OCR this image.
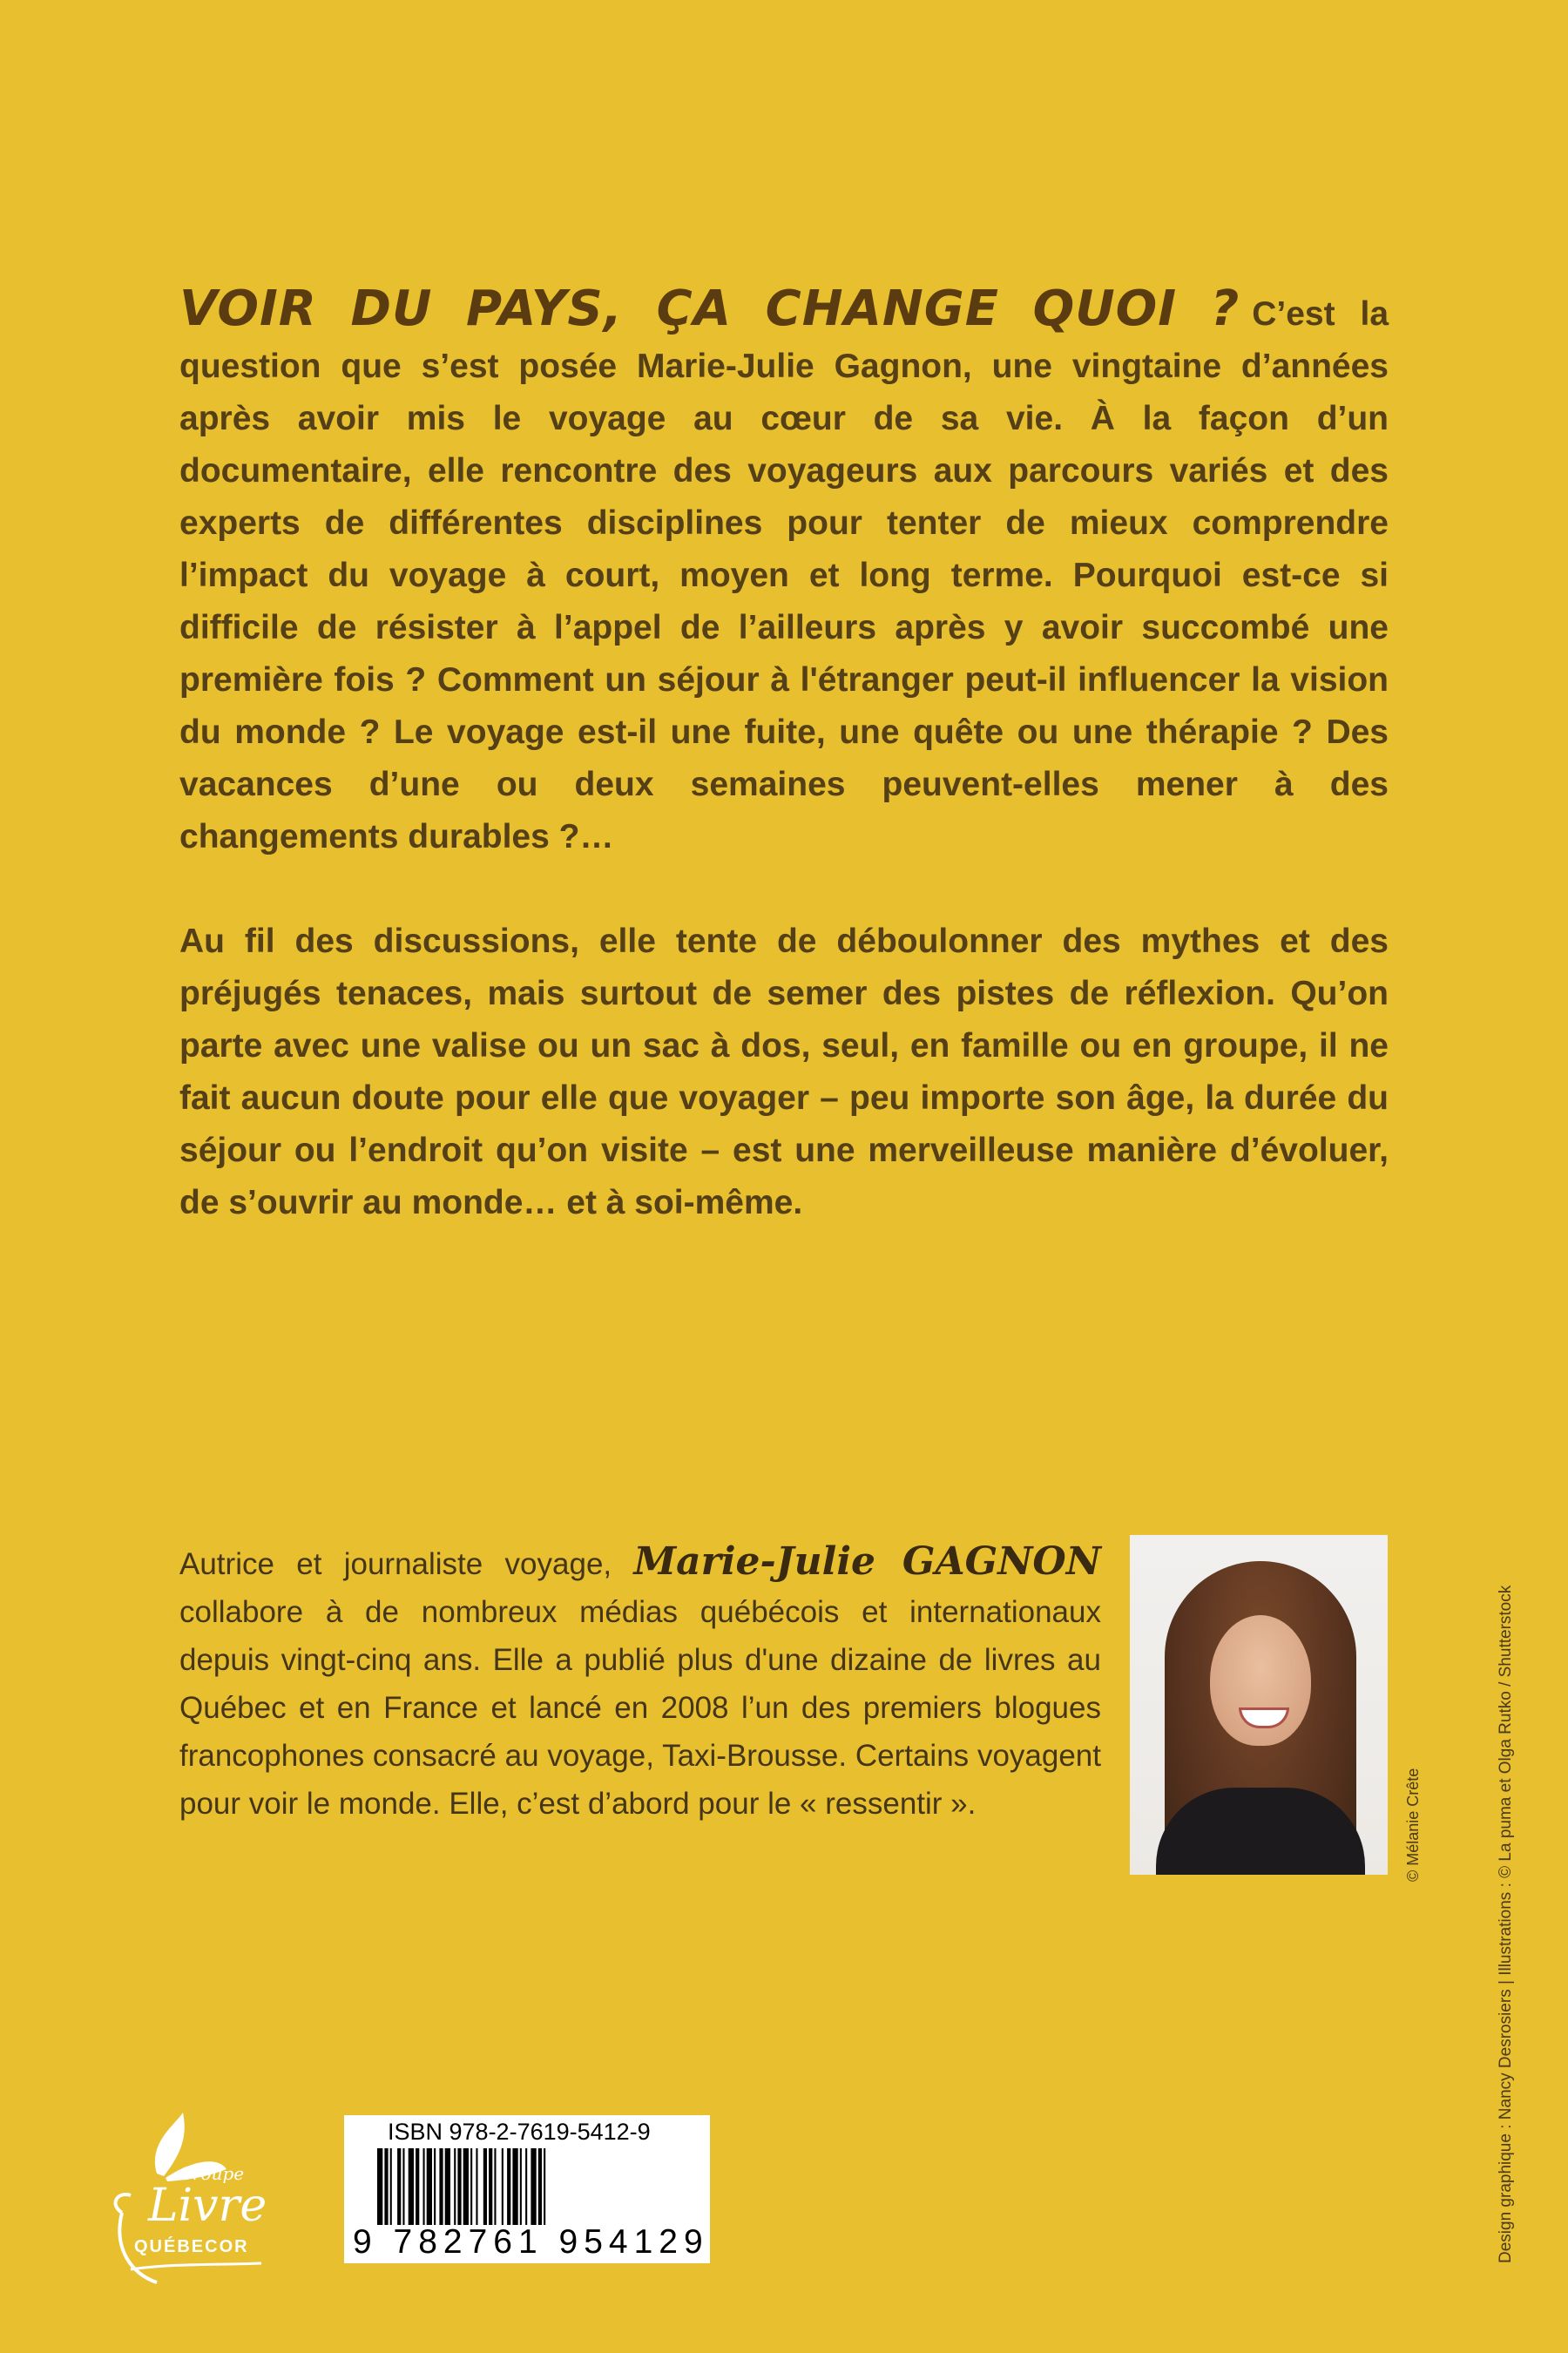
VOIR DU PAYS, ÇA CHANGE QUOI ? C’est la question que s’est posée Marie-Julie Gagnon, une vingtaine d’années après avoir mis le voyage au cœur de sa vie. À la façon d’un documentaire, elle rencontre des voyageurs aux parcours variés et des experts de différentes disciplines pour tenter de mieux comprendre l’impact du voyage à court, moyen et long terme. Pourquoi est-ce si difficile de résister à l’appel de l’ailleurs après y avoir succombé une première fois ? Comment un séjour à l'étranger peut-il influencer la vision du monde ? Le voyage est-il une fuite, une quête ou une thérapie ? Des vacances d’une ou deux semaines peuvent-elles mener à des changements durables ?…

Au fil des discussions, elle tente de déboulonner des mythes et des préjugés tenaces, mais surtout de semer des pistes de réflexion. Qu’on parte avec une valise ou un sac à dos, seul, en famille ou en groupe, il ne fait aucun doute pour elle que voyager – peu importe son âge, la durée du séjour ou l’endroit qu’on visite – est une merveilleuse manière d’évoluer, de s’ouvrir au monde… et à soi-même.

Autrice et journaliste voyage, Marie-Julie GAGNON collabore à de nombreux médias québécois et internationaux depuis vingt-cinq ans. Elle a publié plus d'une dizaine de livres au Québec et en France et lancé en 2008 l’un des premiers blogues francophones consacré au voyage, Taxi-Brousse. Certains voyagent pour voir le monde. Elle, c’est d’abord pour le « ressentir ».	© Mélanie Crête	Design graphique : Nancy Desrosiers | Illustrations : © La puma et Olga Rutko / Shutterstock
Groupe
Livre
QUÉBECOR
ISBN 978-2-7619-5412-9
9 782761 954129
